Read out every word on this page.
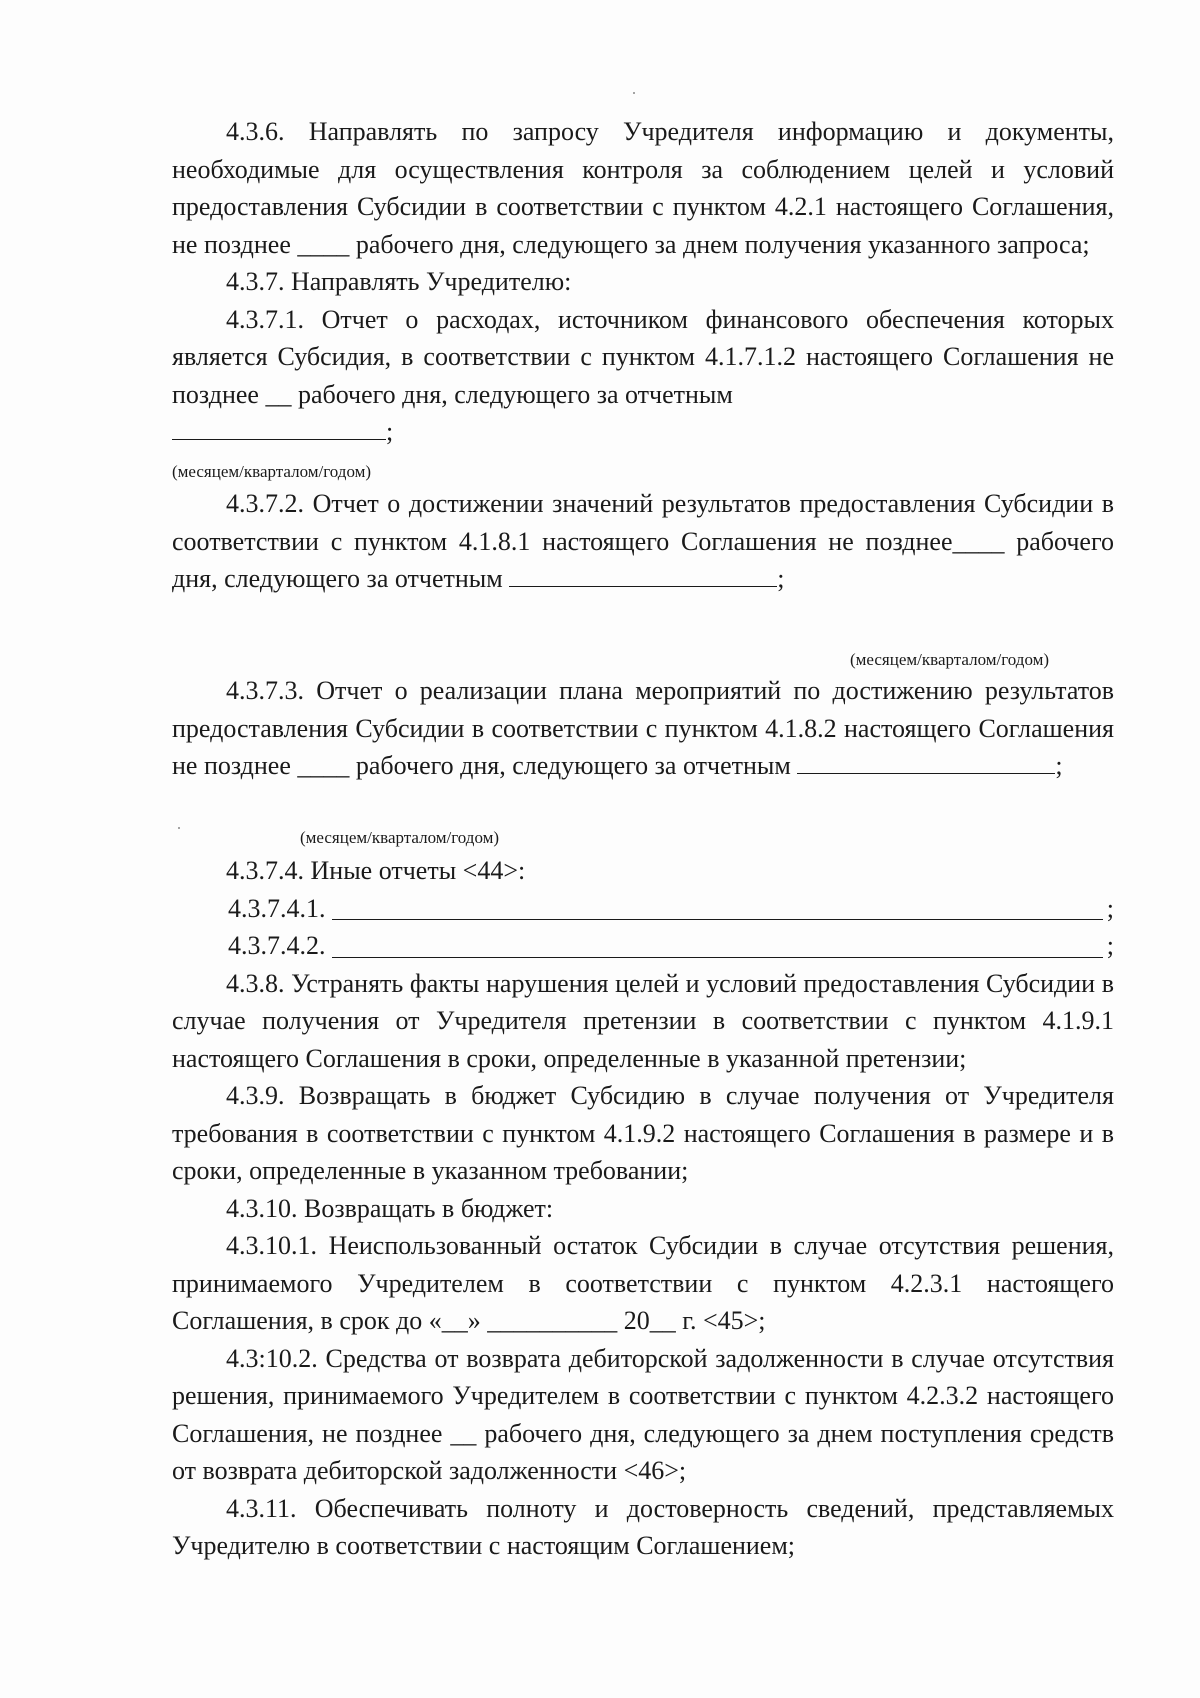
4.3.6. Направлять по запросу Учредителя информацию и документы, необходимые для осуществления контроля за соблюдением целей и условий предоставления Субсидии в соответствии с пунктом 4.2.1 настоящего Соглашения, не позднее ____ рабочего дня, следующего за днем получения указанного запроса;

4.3.7. Направлять Учредителю:

4.3.7.1. Отчет о расходах, источником финансового обеспечения которых является Субсидия, в соответствии с пунктом 4.1.7.1.2 настоящего Соглашения не позднее __ рабочего дня, следующего за отчетным

;
(месяцем/кварталом/годом)

4.3.7.2. Отчет о достижении значений результатов предоставления Субсидии в соответствии с пунктом 4.1.8.1 настоящего Соглашения не позднее____ рабочего дня, следующего за отчетным	;

(месяцем/кварталом/годом)

4.3.7.3. Отчет о реализации плана мероприятий по достижению результатов предоставления Субсидии в соответствии с пунктом 4.1.8.2 настоящего Соглашения не позднее ____ рабочего дня, следующего за отчетным	;

(месяцем/кварталом/годом)

4.3.7.4. Иные отчеты <44>:

4.3.7.4.1.	;
4.3.7.4.2.	;

4.3.8. Устранять факты нарушения целей и условий предоставления Субсидии в случае получения от Учредителя претензии в соответствии с пунктом 4.1.9.1 настоящего Соглашения в сроки, определенные в указанной претензии;

4.3.9. Возвращать в бюджет Субсидию в случае получения от Учредителя требования в соответствии с пунктом 4.1.9.2 настоящего Соглашения в размере и в сроки, определенные в указанном требовании;

4.3.10. Возвращать в бюджет:

4.3.10.1. Неиспользованный остаток Субсидии в случае отсутствия решения, принимаемого Учредителем в соответствии с пунктом 4.2.3.1 настоящего Соглашения, в срок до «__» __________ 20__ г. <45>;

4.3:10.2. Средства от возврата дебиторской задолженности в случае отсутствия решения, принимаемого Учредителем в соответствии с пунктом 4.2.3.2 настоящего Соглашения, не позднее __ рабочего дня, следующего за днем поступления средств от возврата дебиторской задолженности <46>;

4.3.11. Обеспечивать полноту и достоверность сведений, представляемых Учредителю в соответствии с настоящим Соглашением;
